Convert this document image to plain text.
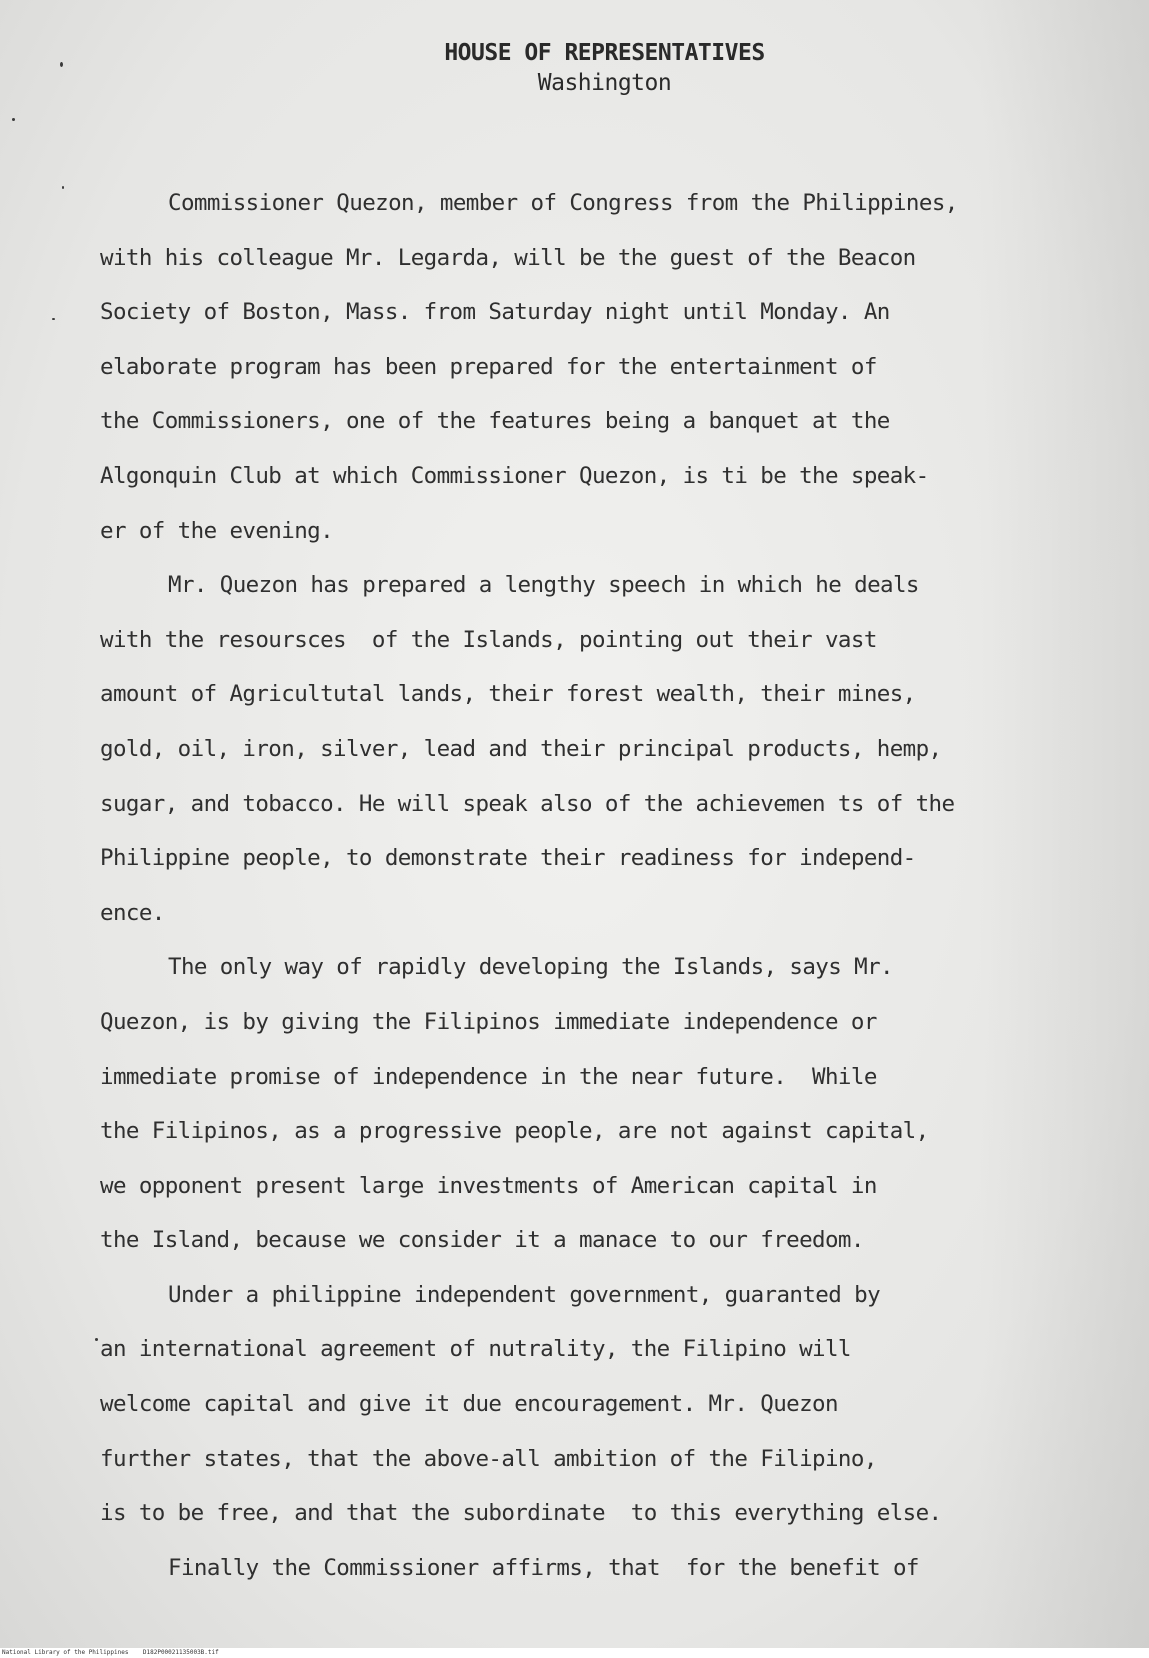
HOUSE OF REPRESENTATIVES
Washington
Commissioner Quezon, member of Congress from the Philippines,
with his colleague Mr. Legarda, will be the guest of the Beacon
Society of Boston, Mass. from Saturday night until Monday. An
elaborate program has been prepared for the entertainment of
the Commissioners, one of the features being a banquet at the
Algonquin Club at which Commissioner Quezon, is ti be the speak-
er of the evening.
Mr. Quezon has prepared a lengthy speech in which he deals
with the resoursces  of the Islands, pointing out their vast
amount of Agricultutal lands, their forest wealth, their mines,
gold, oil, iron, silver, lead and their principal products, hemp,
sugar, and tobacco. He will speak also of the achievemen ts of the
Philippine people, to demonstrate their readiness for independ-
ence.
The only way of rapidly developing the Islands, says Mr.
Quezon, is by giving the Filipinos immediate independence or
immediate promise of independence in the near future.  While
the Filipinos, as a progressive people, are not against capital,
we opponent present large investments of American capital in
the Island, because we consider it a manace to our freedom.
Under a philippine independent government, guaranted by
an international agreement of nutrality, the Filipino will
welcome capital and give it due encouragement. Mr. Quezon
further states, that the above-all ambition of the Filipino,
is to be free, and that the subordinate  to this everything else.
Finally the Commissioner affirms, that  for the benefit of
National Library of the Philippines    D182P00021135003B.tif
